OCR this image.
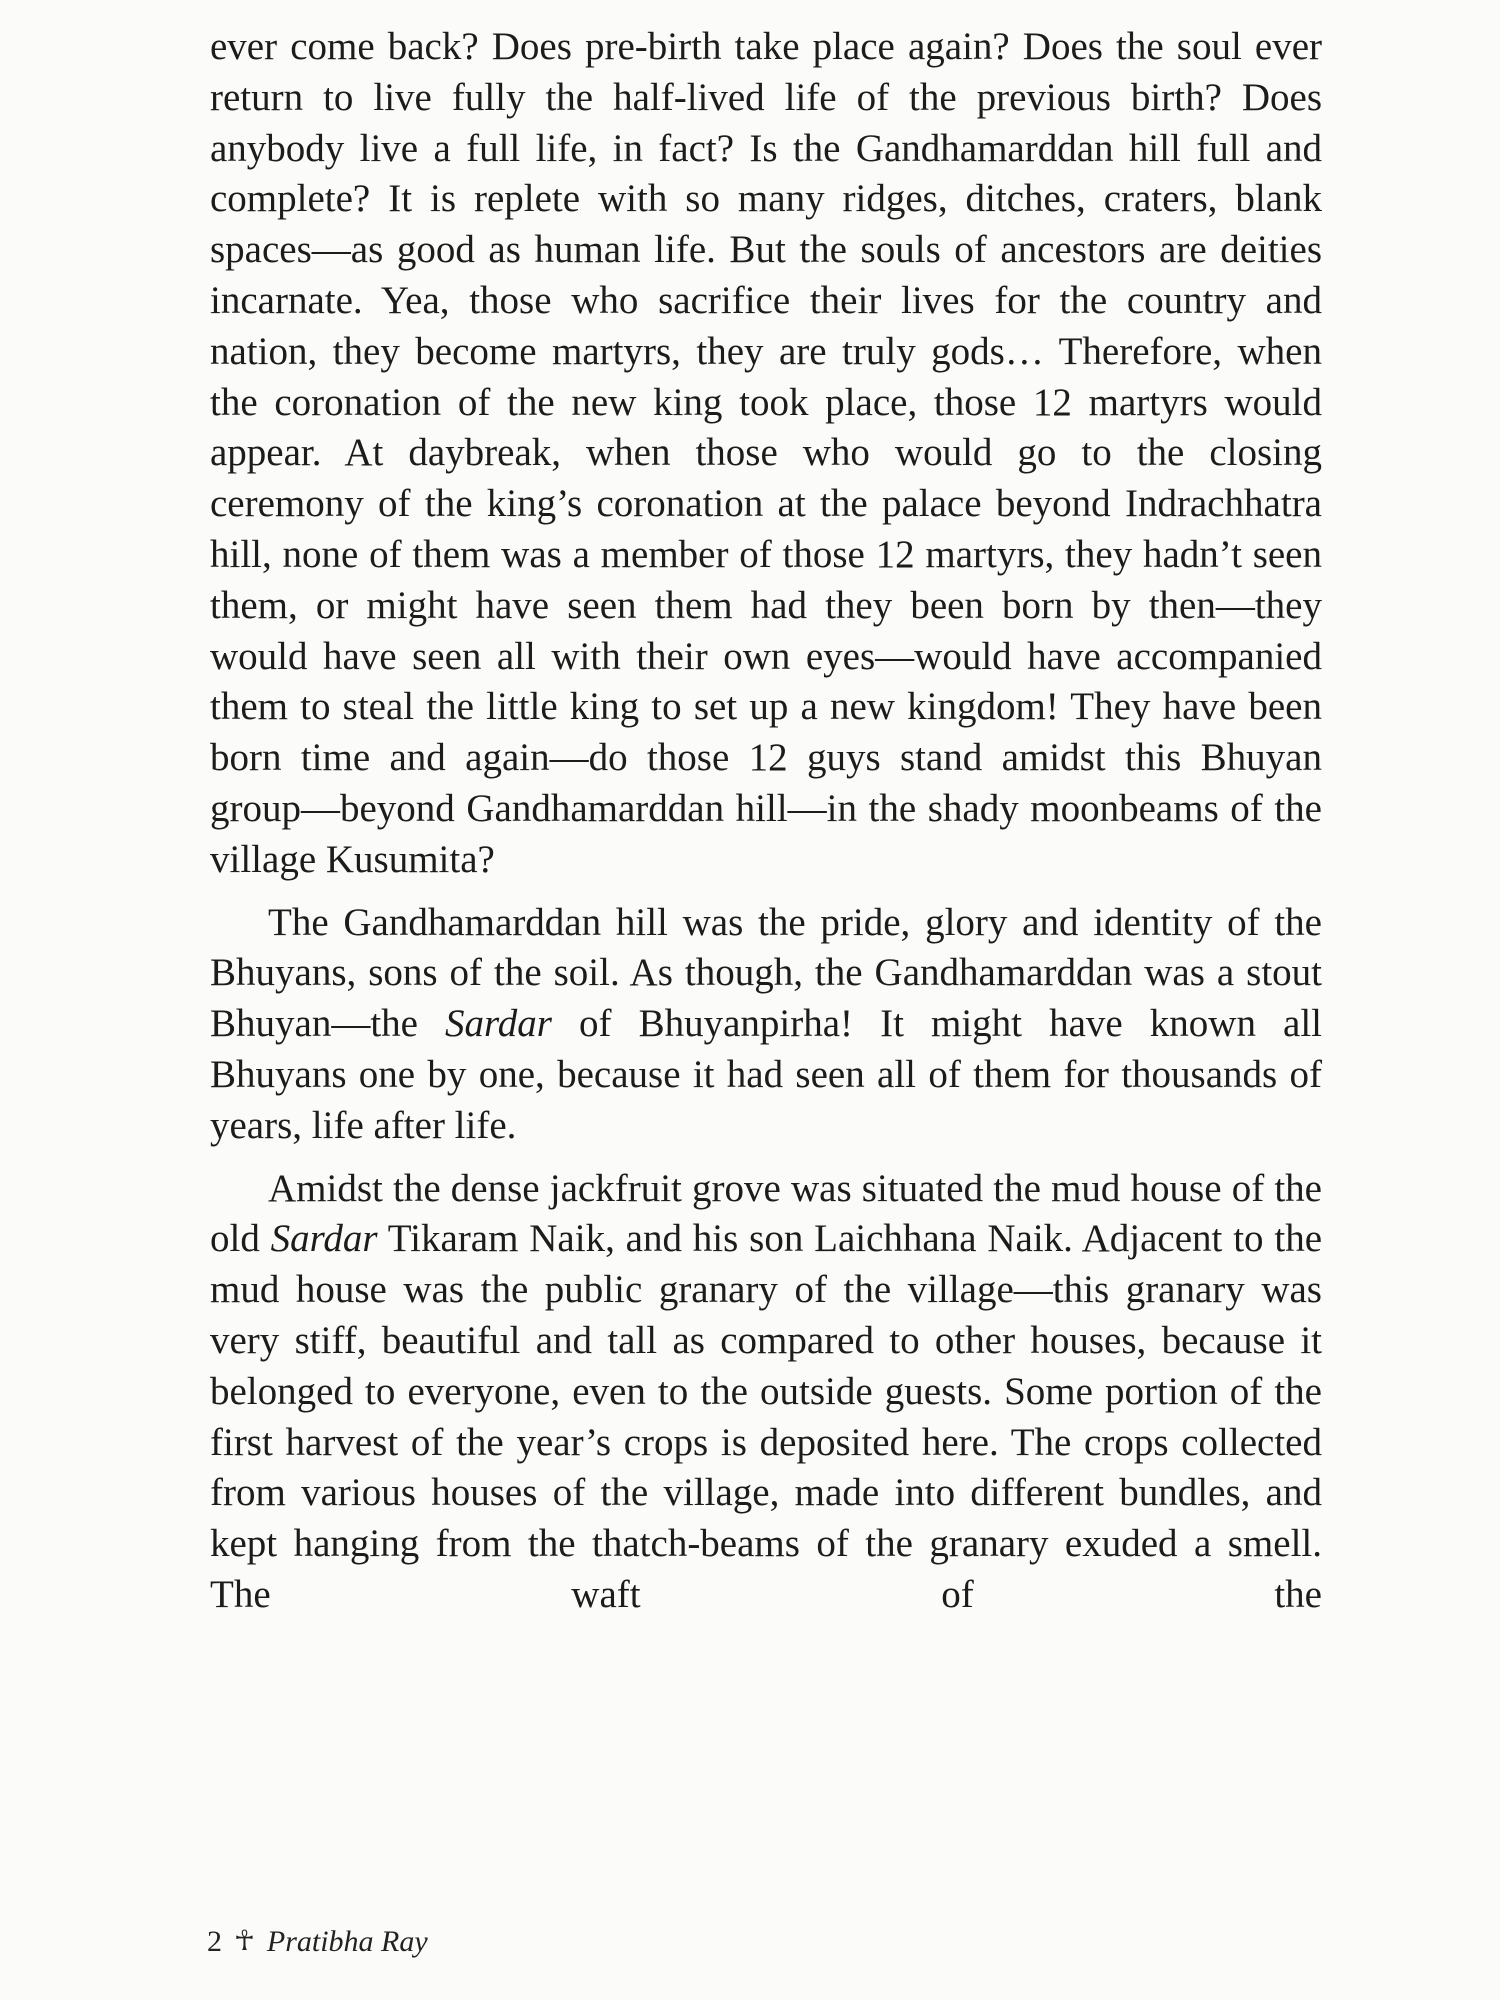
ever come back? Does pre-birth take place again? Does the soul ever return to live fully the half-lived life of the previous birth? Does anybody live a full life, in fact? Is the Gandhamarddan hill full and complete? It is replete with so many ridges, ditches, craters, blank spaces—as good as human life. But the souls of ancestors are deities incarnate. Yea, those who sacrifice their lives for the country and nation, they become martyrs, they are truly gods… Therefore, when the coronation of the new king took place, those 12 martyrs would appear. At daybreak, when those who would go to the closing ceremony of the king’s coronation at the palace beyond Indrachhatra hill, none of them was a member of those 12 martyrs, they hadn’t seen them, or might have seen them had they been born by then—they would have seen all with their own eyes—would have accompanied them to steal the little king to set up a new kingdom! They have been born time and again—do those 12 guys stand amidst this Bhuyan group—beyond Gandhamarddan hill—in the shady moonbeams of the village Kusumita?

The Gandhamarddan hill was the pride, glory and identity of the Bhuyans, sons of the soil. As though, the Gandhamarddan was a stout Bhuyan—the Sardar of Bhuyanpirha! It might have known all Bhuyans one by one, because it had seen all of them for thousands of years, life after life.

Amidst the dense jackfruit grove was situated the mud house of the old Sardar Tikaram Naik, and his son Laichhana Naik. Adjacent to the mud house was the public granary of the village—this granary was very stiff, beautiful and tall as compared to other houses, because it belonged to everyone, even to the outside guests. Some portion of the first harvest of the year’s crops is deposited here. The crops collected from various houses of the village, made into different bundles, and kept hanging from the thatch-beams of the granary exuded a smell. The waft of the

2 ☥ Pratibha Ray
